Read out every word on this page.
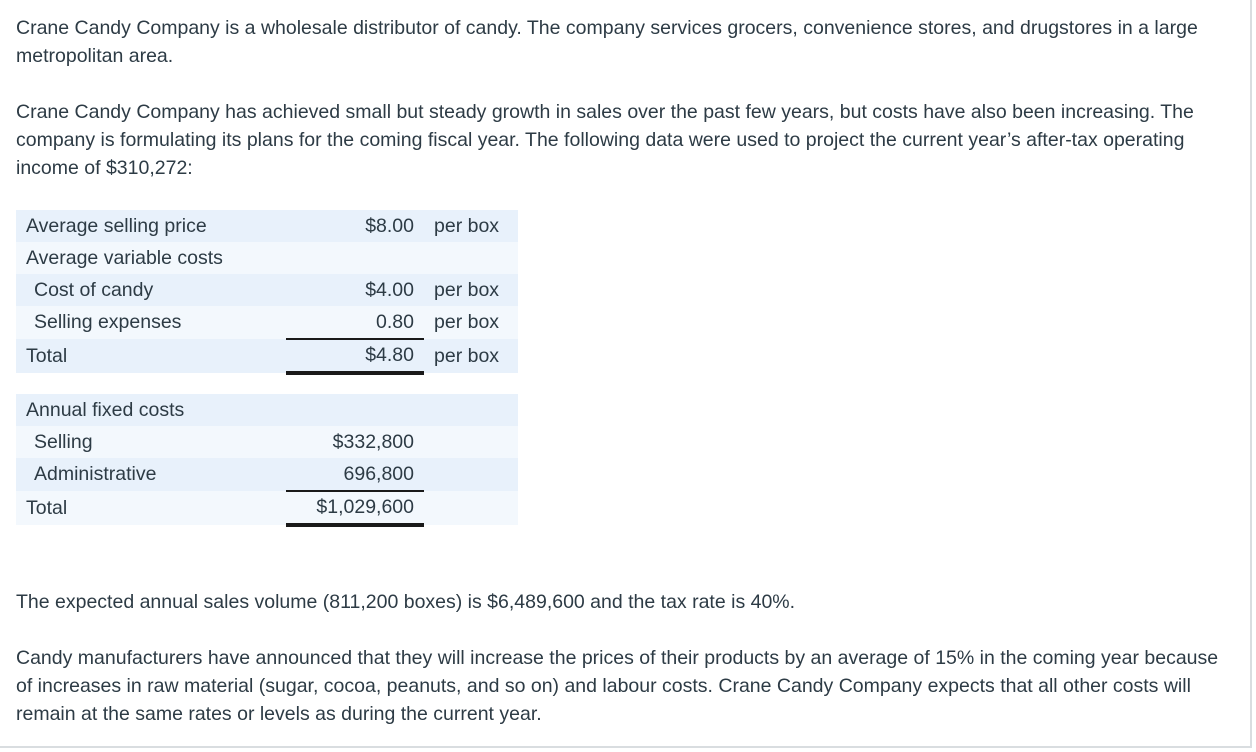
Crane Candy Company is a wholesale distributor of candy. The company services grocers, convenience stores, and drugstores in a large metropolitan area.

Crane Candy Company has achieved small but steady growth in sales over the past few years, but costs have also been increasing. The company is formulating its plans for the coming fiscal year. The following data were used to project the current year’s after-tax operating income of $310,272:

Average selling price	$8.00	per box
Average variable costs		
Cost of candy	$4.00	per box
Selling expenses	0.80	per box
Total	$4.80	per box
Annual fixed costs		
Selling	$332,800	
Administrative	696,800	
Total	$1,029,600	

The expected annual sales volume (811,200 boxes) is $6,489,600 and the tax rate is 40%.

Candy manufacturers have announced that they will increase the prices of their products by an average of 15% in the coming year because of increases in raw material (sugar, cocoa, peanuts, and so on) and labour costs. Crane Candy Company expects that all other costs will remain at the same rates or levels as during the current year.
